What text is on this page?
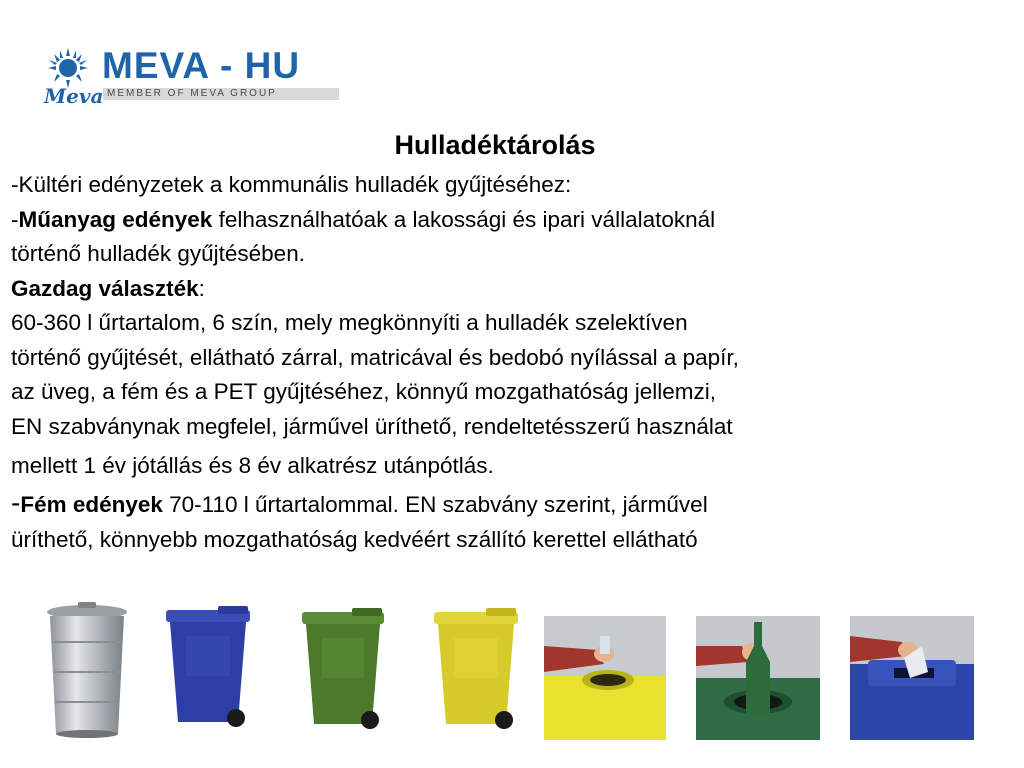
MEVA - HU
Meva MEMBER OF MEVA GROUP
Hulladéktárolás

-Kültéri edényzetek a kommunális hulladék gyűjtéséhez:

-Műanyag edények felhasználhatóak a lakossági és ipari vállalatoknál

történő hulladék gyűjtésében.

Gazdag választék:

60-360 l űrtartalom, 6 szín, mely megkönnyíti a hulladék szelektíven

történő gyűjtését, ellátható zárral, matricával és bedobó nyílással a papír,

az üveg, a fém és a PET gyűjtéséhez, könnyű mozgathatóság jellemzi,

EN szabványnak megfelel, járművel üríthető, rendeltetésszerű használat

mellett 1 év jótállás és 8 év alkatrész utánpótlás.

-Fém edények 70-110 l űrtartalommal. EN szabvány szerint, járművel

üríthető, könnyebb mozgathatóság kedvéért szállító kerettel ellátható
